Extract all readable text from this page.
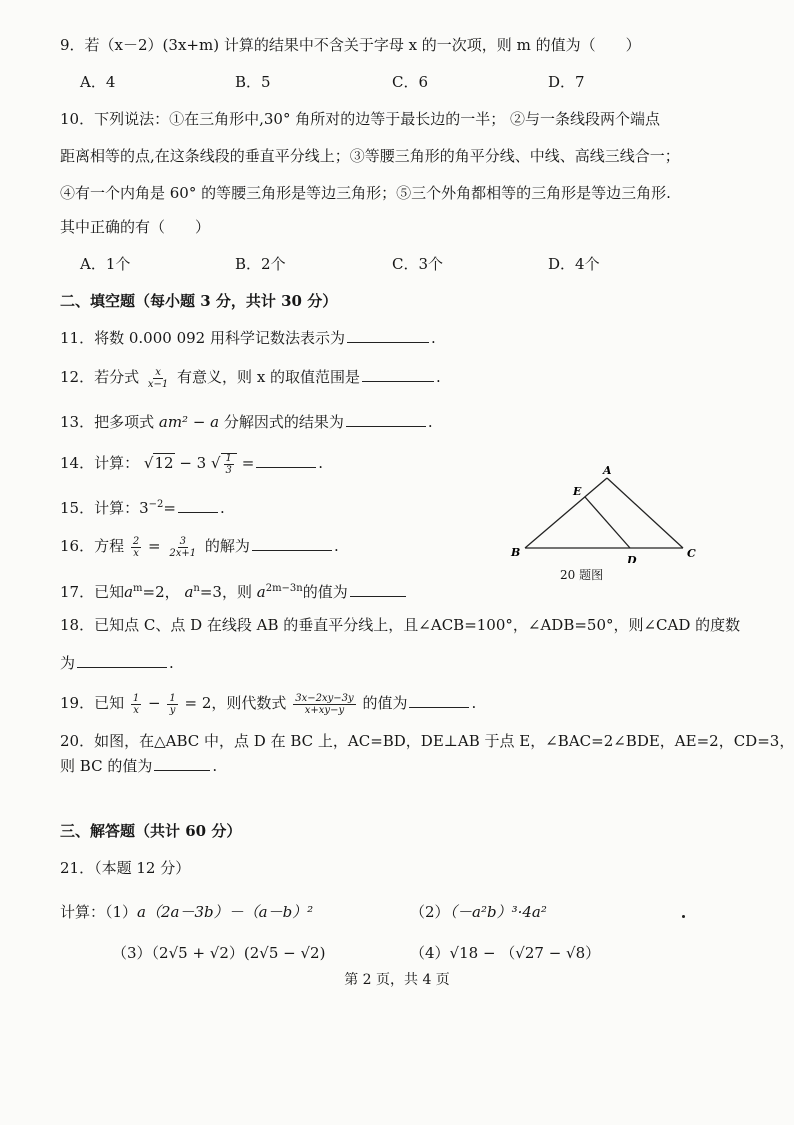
9．若（x－2）(3x+m) 计算的结果中不含关于字母 x 的一次项，则 m 的值为（　　）
A．4	B．5	C．6	D．7
10．下列说法：①在三角形中,30° 角所对的边等于最长边的一半； ②与一条线段两个端点
距离相等的点,在这条线段的垂直平分线上；③等腰三角形的角平分线、中线、高线三线合一；
④有一个内角是 60° 的等腰三角形是等边三角形；⑤三个外角都相等的三角形是等边三角形.
其中正确的有（　　）
A．1个	B．2个	C．3个	D．4个
二、填空题（每小题 3 分，共计 30 分）
11．将数 0.000 092 用科学记数法表示为	.
12．若分式 $\frac{x}{x-1}$ 有意义，则 x 的取值范围是	.
13．把多项式 am² − a 分解因式的结果为	.
14．计算： √12 − 3 √ $\frac{1}{3}$ =	.
15．计算：$3^{-2}=$	.
16．方程 $\frac{2}{x} = \frac{3}{2x+1}$ 的解为	.
17．已知$a^m=2$， $a^n=3$，则 $a^{2m-3n}$的值为
A
E
B
D
C
20 题图
18．已知点 C、点 D 在线段 AB 的垂直平分线上，且∠ACB=100°，∠ADB=50°，则∠CAD 的度数
为	.
19．已知 $\frac{1}{x} - \frac{1}{y} = 2$，则代数式 $\frac{3x-2xy-3y}{x+xy-y}$ 的值为	.
20．如图，在△ABC 中，点 D 在 BC 上，AC=BD，DE⊥AB 于点 E，∠BAC=2∠BDE，AE=2，CD=3，
则 BC 的值为	.
三、解答题（共计 60 分）
21．（本题 12 分）
计算：（1）a（2a－3b）－（a－b）²	（2）（－a²b）³·4a²
（3）（2√5 + √2）(2√5 − √2)	（4）√18 − （√27 − √8）
第 2 页，共 4 页
